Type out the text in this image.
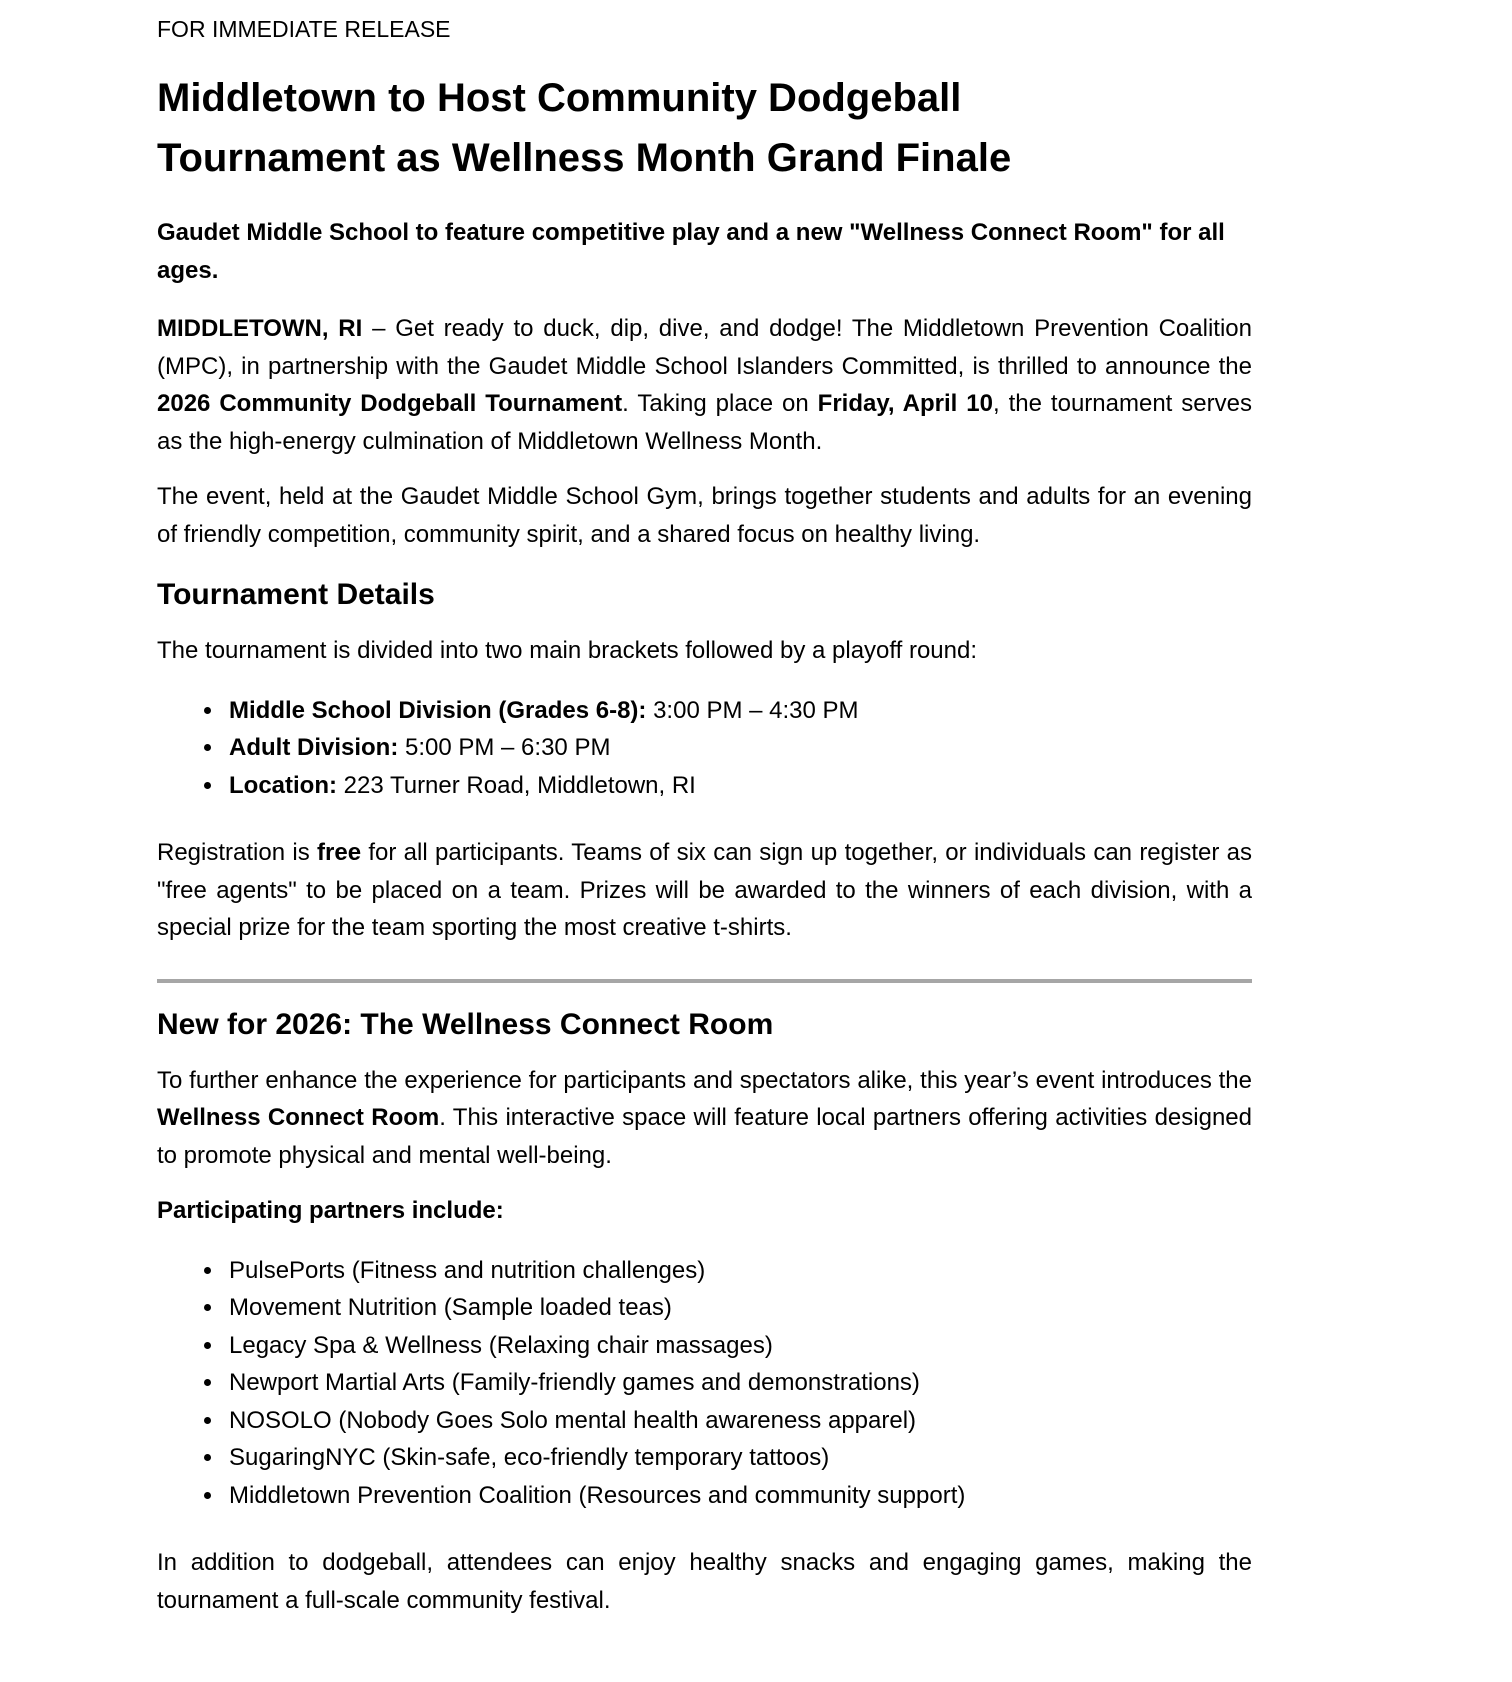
FOR IMMEDIATE RELEASE

Middletown to Host Community Dodgeball
Tournament as Wellness Month Grand Finale

Gaudet Middle School to feature competitive play and a new "Wellness Connect Room" for all ages.

MIDDLETOWN, RI – Get ready to duck, dip, dive, and dodge! The Middletown Prevention Coalition (MPC), in partnership with the Gaudet Middle School Islanders Committed, is thrilled to announce the 2026 Community Dodgeball Tournament. Taking place on Friday, April 10, the tournament serves as the high-energy culmination of Middletown Wellness Month.

The event, held at the Gaudet Middle School Gym, brings together students and adults for an evening of friendly competition, community spirit, and a shared focus on healthy living.

Tournament Details

The tournament is divided into two main brackets followed by a playoff round:

• Middle School Division (Grades 6-8): 3:00 PM – 4:30 PM
• Adult Division: 5:00 PM – 6:30 PM
• Location: 223 Turner Road, Middletown, RI

Registration is free for all participants. Teams of six can sign up together, or individuals can register as "free agents" to be placed on a team. Prizes will be awarded to the winners of each division, with a special prize for the team sporting the most creative t-shirts.

New for 2026: The Wellness Connect Room

To further enhance the experience for participants and spectators alike, this year’s event introduces the Wellness Connect Room. This interactive space will feature local partners offering activities designed to promote physical and mental well-being.

Participating partners include:

• PulsePorts (Fitness and nutrition challenges)
• Movement Nutrition (Sample loaded teas)
• Legacy Spa & Wellness (Relaxing chair massages)
• Newport Martial Arts (Family-friendly games and demonstrations)
• NOSOLO (Nobody Goes Solo mental health awareness apparel)
• SugaringNYC (Skin-safe, eco-friendly temporary tattoos)
• Middletown Prevention Coalition (Resources and community support)

In addition to dodgeball, attendees can enjoy healthy snacks and engaging games, making the tournament a full-scale community festival.
